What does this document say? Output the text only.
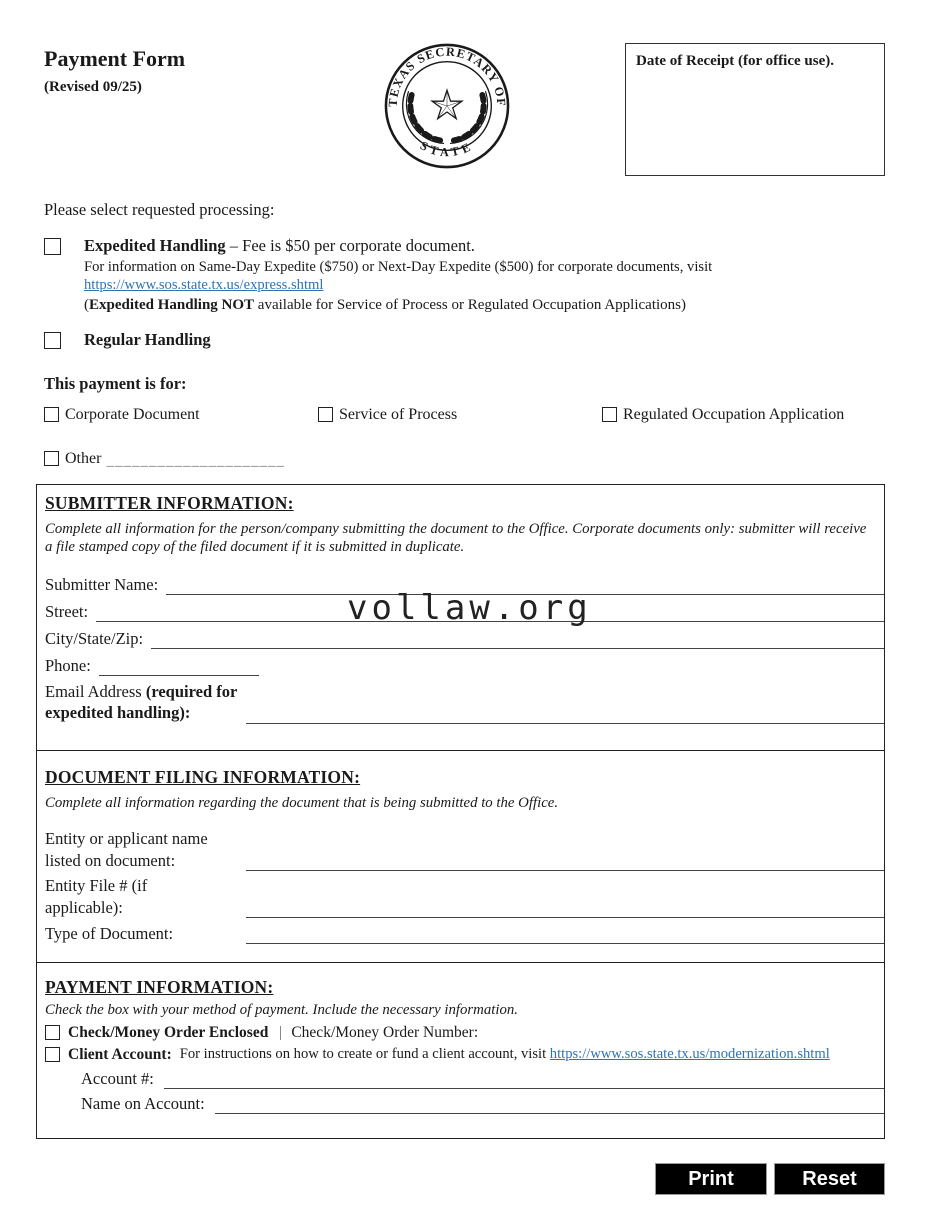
Payment Form
(Revised 09/25)
TEXAS SECRETARY OF
STATE
Date of Receipt (for office use).
Please select requested processing:
Expedited Handling – Fee is $50 per corporate document.
For information on Same-Day Expedite ($750) or Next-Day Expedite ($500) for corporate documents, visit
https://www.sos.state.tx.us/express.shtml
(Expedited Handling NOT available for Service of Process or Regulated Occupation Applications)
Regular Handling
This payment is for:
Corporate Document	Service of Process	Regulated Occupation Application
Other _____________________
SUBMITTER INFORMATION:
Complete all information for the person/company submitting the document to the Office. Corporate documents only: submitter will receive a file stamped copy of the filed document if it is submitted in duplicate.
Submitter Name:
Street:
City/State/Zip:
Phone:
Email Address (required for expedited handling):
DOCUMENT FILING INFORMATION:
Complete all information regarding the document that is being submitted to the Office.
Entity or applicant name listed on document:
Entity File # (if applicable):
Type of Document:
PAYMENT INFORMATION:
Check the box with your method of payment. Include the necessary information.
Check/Money Order Enclosed Check/Money Order Number:
Client Account: For instructions on how to create or fund a client account, visit https://www.sos.state.tx.us/modernization.shtml
Account #:
Name on Account:
Print	Reset
vollaw.org
